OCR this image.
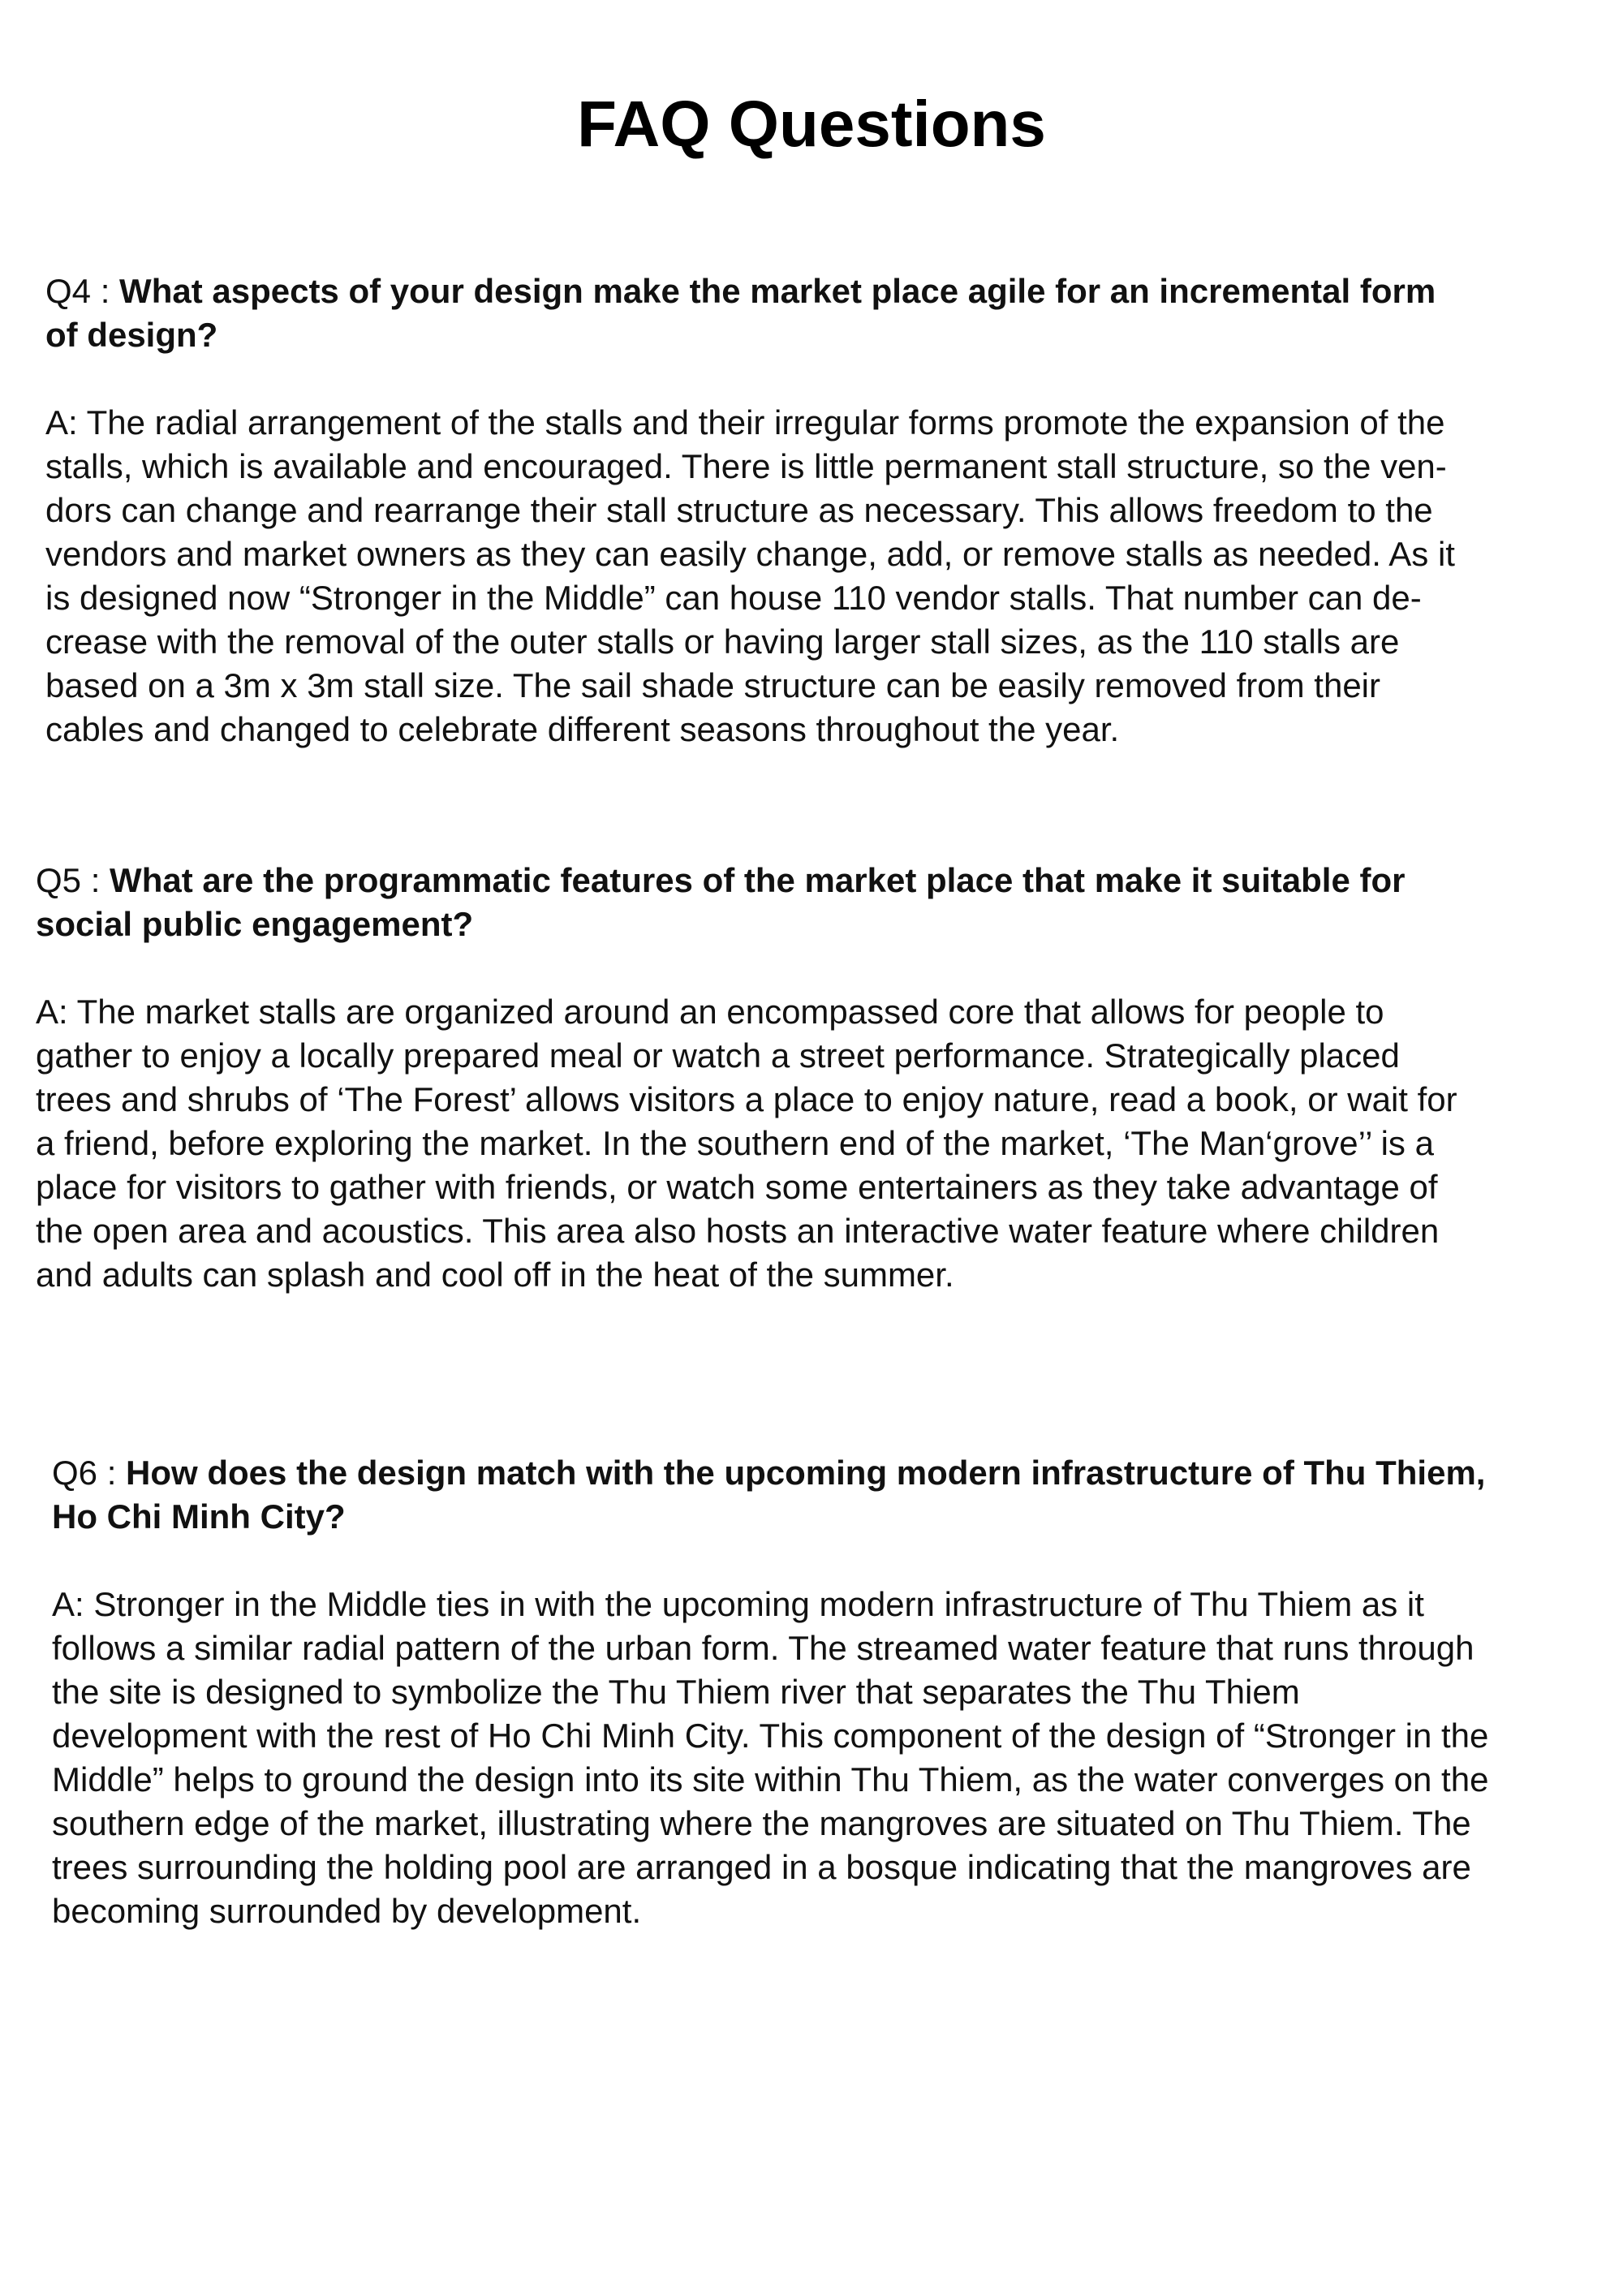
FAQ Questions

Q4 : What aspects of your design make the market place agile for an incremental form
of design?

A: The radial arrangement of the stalls and their irregular forms promote the expansion of the
stalls, which is available and encouraged. There is little permanent stall structure, so the ven-
dors can change and rearrange their stall structure as necessary. This allows freedom to the
vendors and market owners as they can easily change, add, or remove stalls as needed. As it
is designed now “Stronger in the Middle” can house 110 vendor stalls. That number can de-
crease with the removal of the outer stalls or having larger stall sizes, as the 110 stalls are
based on a 3m x 3m stall size. The sail shade structure can be easily removed from their
cables and changed to celebrate different seasons throughout the year.

Q5 : What are the programmatic features of the market place that make it suitable for
social public engagement?

A: The market stalls are organized around an encompassed core that allows for people to
gather to enjoy a locally prepared meal or watch a street performance. Strategically placed
trees and shrubs of ‘The Forest’ allows visitors a place to enjoy nature, read a book, or wait for
a friend, before exploring the market. In the southern end of the market, ‘The Man‘grove’’ is a
place for visitors to gather with friends, or watch some entertainers as they take advantage of
the open area and acoustics. This area also hosts an interactive water feature where children
and adults can splash and cool off in the heat of the summer.

Q6 : How does the design match with the upcoming modern infrastructure of Thu Thiem,
Ho Chi Minh City?

A: Stronger in the Middle ties in with the upcoming modern infrastructure of Thu Thiem as it
follows a similar radial pattern of the urban form. The streamed water feature that runs through
the site is designed to symbolize the Thu Thiem river that separates the Thu Thiem
development with the rest of Ho Chi Minh City. This component of the design of “Stronger in the
Middle” helps to ground the design into its site within Thu Thiem, as the water converges on the
southern edge of the market, illustrating where the mangroves are situated on Thu Thiem. The
trees surrounding the holding pool are arranged in a bosque indicating that the mangroves are
becoming surrounded by development.
